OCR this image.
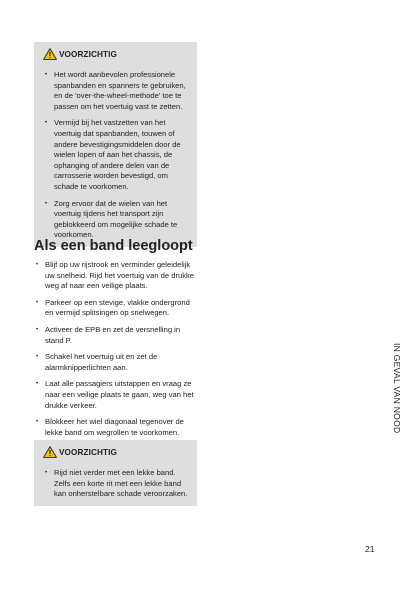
VOORZICHTIG
• Het wordt aanbevolen professionele spanbanden en spanners te gebruiken, en de 'over-the-wheel-methode' toe te passen om het voertuig vast te zetten.
• Vermijd bij het vastzetten van het voertuig dat spanbanden, touwen of andere bevestigingsmiddelen door de wielen lopen of aan het chassis, de ophanging of andere delen van de carrosserie worden bevestigd, om schade te voorkomen.
• Zorg ervoor dat de wielen van het voertuig tijdens het transport zijn geblokkeerd om mogelijke schade te voorkomen.
Als een band leegloopt
• Blijf op uw rijstrook en verminder geleidelijk uw snelheid. Rijd het voertuig van de drukke weg af naar een veilige plaats.
• Parkeer op een stevige, vlakke ondergrond en vermijd splitsingen op snelwegen.
• Activeer de EPB en zet de versnelling in stand P.
• Schakel het voertuig uit en zet de alarmknipperlichten aan.
• Laat alle passagiers uitstappen en vraag ze naar een veilige plaats te gaan, weg van het drukke verkeer.
• Blokkeer het wiel diagonaal tegenover de lekke band om wegrollen te voorkomen.
VOORZICHTIG
• Rijd niet verder met een lekke band. Zelfs een korte rit met een lekke band kan onherstelbare schade veroorzaken.
IN GEVAL VAN NOOD
21
